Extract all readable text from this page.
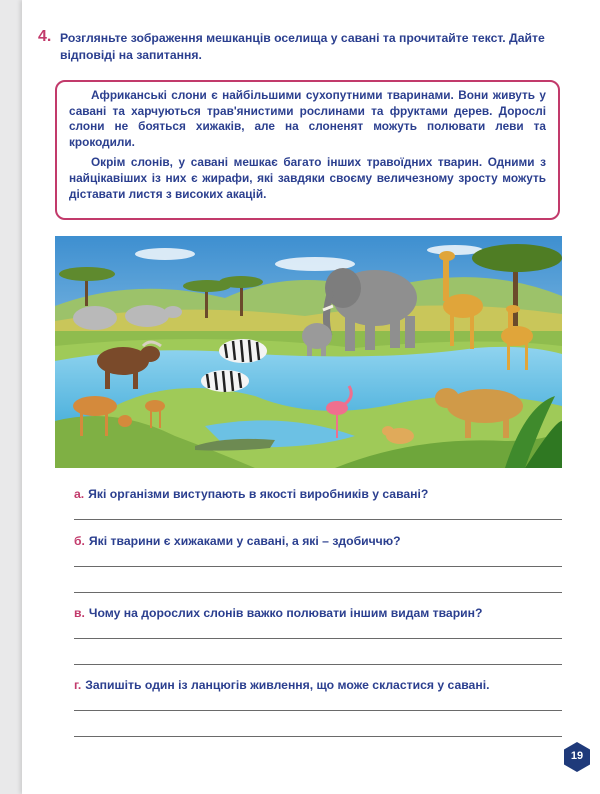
4. Розгляньте зображення мешканців оселища у савані та прочитайте текст. Дайте відповіді на запитання.

Африканські слони є найбільшими сухопутними тваринами. Вони живуть у савані та харчуються трав'янистими рослинами та фруктами дерев. Дорослі слони не бояться хижаків, але на слоненят можуть полювати леви та крокодили.

Окрім слонів, у савані мешкає багато інших травоїдних тварин. Одними з найцікавіших із них є жирафи, які завдяки своєму величезному зросту можуть діставати листя з високих акацій.

а. Які організми виступають в якості виробників у савані?
б. Які тварини є хижаками у савані, а які – здобиччю?
в. Чому на дорослих слонів важко полювати іншим видам тварин?
г. Запишіть один із ланцюгів живлення, що може скластися у савані.
19
